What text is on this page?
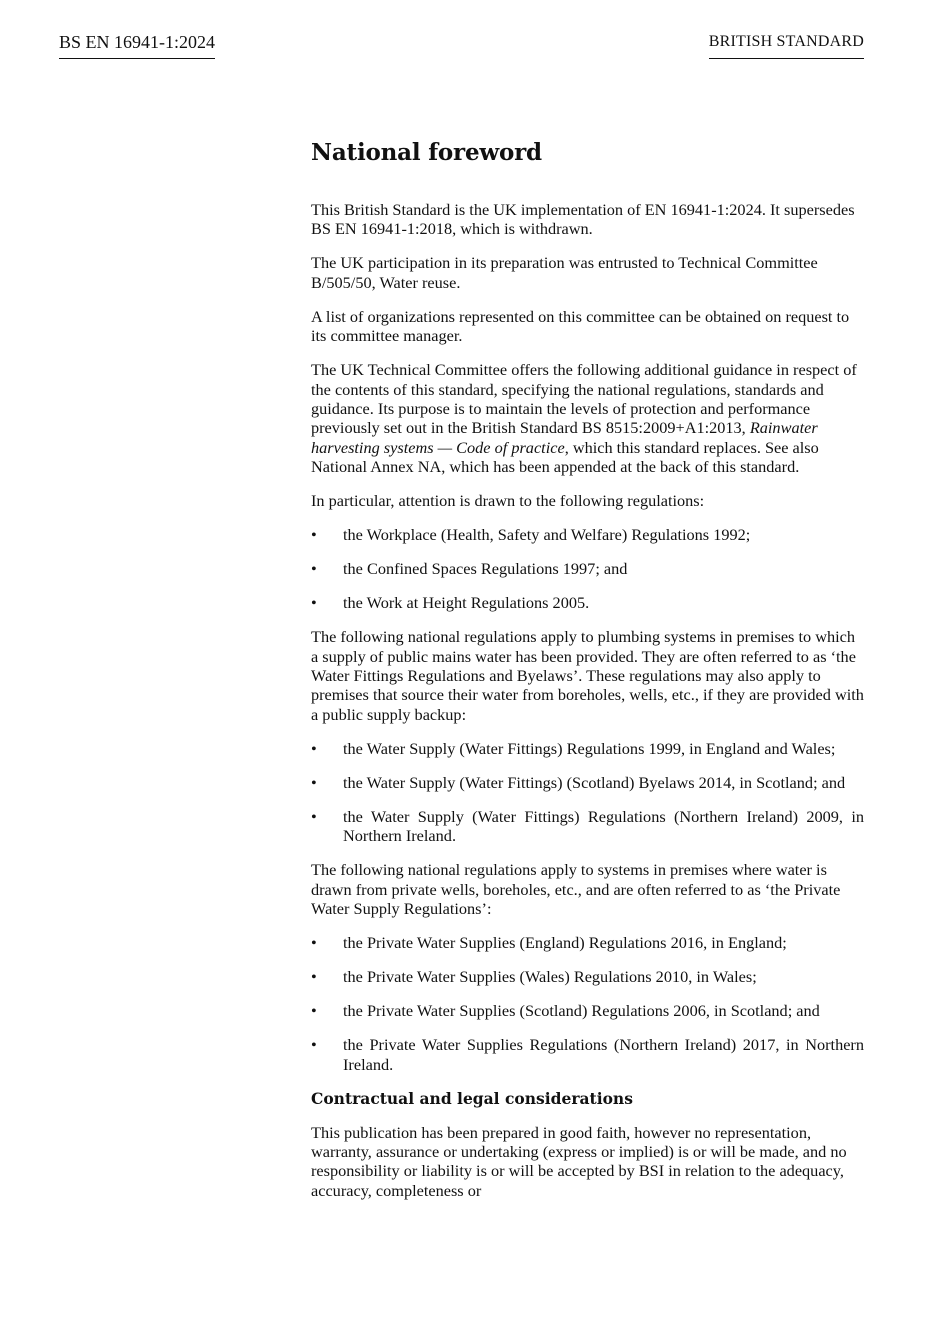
BS EN 16941-1:2024	BRITISH STANDARD
National foreword

This British Standard is the UK implementation of EN 16941-1:2024. It supersedes BS EN 16941-1:2018, which is withdrawn.

The UK participation in its preparation was entrusted to Technical Committee B/505/50, Water reuse.

A list of organizations represented on this committee can be obtained on request to its committee manager.

The UK Technical Committee offers the following additional guidance in respect of the contents of this standard, specifying the national regulations, standards and guidance. Its purpose is to maintain the levels of protection and performance previously set out in the British Standard BS 8515:2009+A1:2013, Rainwater harvesting systems — Code of practice, which this standard replaces. See also National Annex NA, which has been appended at the back of this standard.

In particular, attention is drawn to the following regulations:

• the Workplace (Health, Safety and Welfare) Regulations 1992;
• the Confined Spaces Regulations 1997; and
• the Work at Height Regulations 2005.

The following national regulations apply to plumbing systems in premises to which a supply of public mains water has been provided. They are often referred to as ‘the Water Fittings Regulations and Byelaws’. These regulations may also apply to premises that source their water from boreholes, wells, etc., if they are provided with a public supply backup:

• the Water Supply (Water Fittings) Regulations 1999, in England and Wales;
• the Water Supply (Water Fittings) (Scotland) Byelaws 2014, in Scotland; and
• the Water Supply (Water Fittings) Regulations (Northern Ireland) 2009, in Northern Ireland.

The following national regulations apply to systems in premises where water is drawn from private wells, boreholes, etc., and are often referred to as ‘the Private Water Supply Regulations’:

• the Private Water Supplies (England) Regulations 2016, in England;
• the Private Water Supplies (Wales) Regulations 2010, in Wales;
• the Private Water Supplies (Scotland) Regulations 2006, in Scotland; and
• the Private Water Supplies Regulations (Northern Ireland) 2017, in Northern Ireland.
Contractual and legal considerations

This publication has been prepared in good faith, however no representation, warranty, assurance or undertaking (express or implied) is or will be made, and no responsibility or liability is or will be accepted by BSI in relation to the adequacy, accuracy, completeness or
